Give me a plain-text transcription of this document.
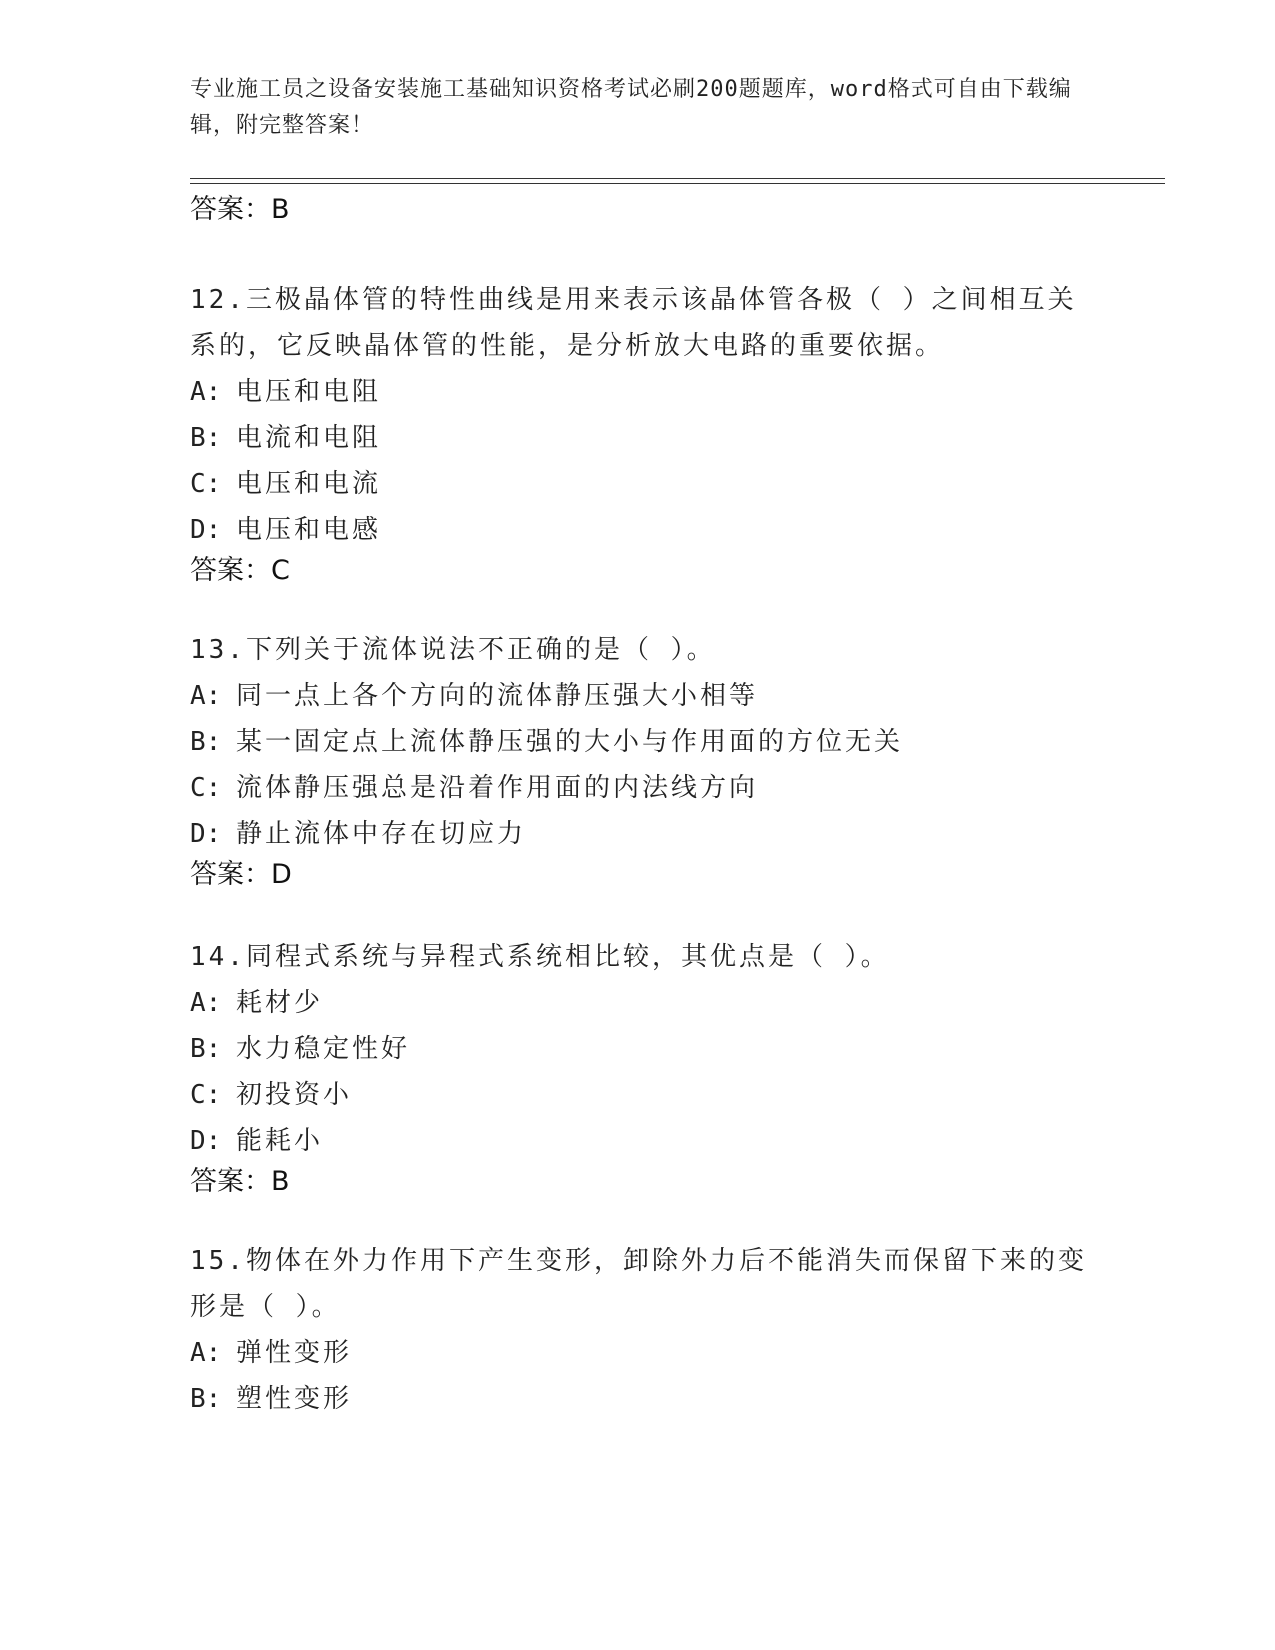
专业施工员之设备安装施工基础知识资格考试必刷200题题库，word格式可自由下载编辑，附完整答案！

答案：B

12.三极晶体管的特性曲线是用来表示该晶体管各极（ ）之间相互关系的，它反映晶体管的性能，是分析放大电路的重要依据。

A: 电压和电阻
B: 电流和电阻
C: 电压和电流
D: 电压和电感

答案：C

13.下列关于流体说法不正确的是（ ）。

A: 同一点上各个方向的流体静压强大小相等
B: 某一固定点上流体静压强的大小与作用面的方位无关
C: 流体静压强总是沿着作用面的内法线方向
D: 静止流体中存在切应力

答案：D

14.同程式系统与异程式系统相比较，其优点是（ ）。

A: 耗材少
B: 水力稳定性好
C: 初投资小
D: 能耗小

答案：B

15.物体在外力作用下产生变形，卸除外力后不能消失而保留下来的变形是（ ）。

A: 弹性变形
B: 塑性变形
